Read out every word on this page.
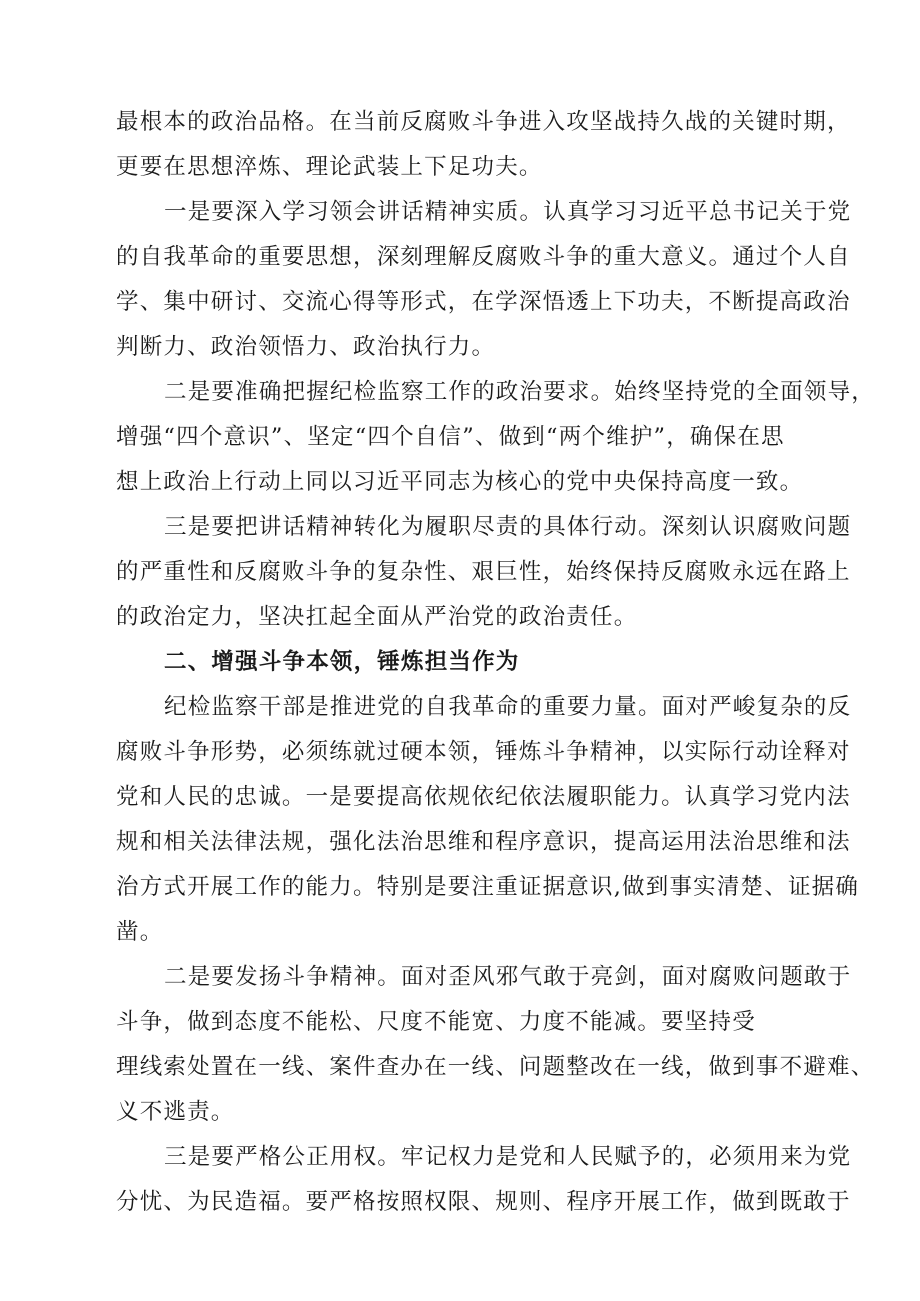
最根本的政治品格。在当前反腐败斗争进入攻坚战持久战的关键时期，
更要在思想淬炼、理论武装上下足功夫。
一是要深入学习领会讲话精神实质。认真学习习近平总书记关于党
的自我革命的重要思想，深刻理解反腐败斗争的重大意义。通过个人自
学、集中研讨、交流心得等形式，在学深悟透上下功夫，不断提高政治
判断力、政治领悟力、政治执行力。
二是要准确把握纪检监察工作的政治要求。始终坚持党的全面领导，
增强“四个意识”、坚定“四个自信”、做到“两个维护”，确保在思
想上政治上行动上同以习近平同志为核心的党中央保持高度一致。
三是要把讲话精神转化为履职尽责的具体行动。深刻认识腐败问题
的严重性和反腐败斗争的复杂性、艰巨性，始终保持反腐败永远在路上
的政治定力，坚决扛起全面从严治党的政治责任。
二、增强斗争本领，锤炼担当作为
纪检监察干部是推进党的自我革命的重要力量。面对严峻复杂的反
腐败斗争形势，必须练就过硬本领，锤炼斗争精神，以实际行动诠释对
党和人民的忠诚。一是要提高依规依纪依法履职能力。认真学习党内法
规和相关法律法规，强化法治思维和程序意识，提高运用法治思维和法
治方式开展工作的能力。特别是要注重证据意识,做到事实清楚、证据确
凿。
二是要发扬斗争精神。面对歪风邪气敢于亮剑，面对腐败问题敢于
斗争，做到态度不能松、尺度不能宽、力度不能减。要坚持受
理线索处置在一线、案件查办在一线、问题整改在一线，做到事不避难、
义不逃责。
三是要严格公正用权。牢记权力是党和人民赋予的，必须用来为党
分忧、为民造福。要严格按照权限、规则、程序开展工作，做到既敢于
